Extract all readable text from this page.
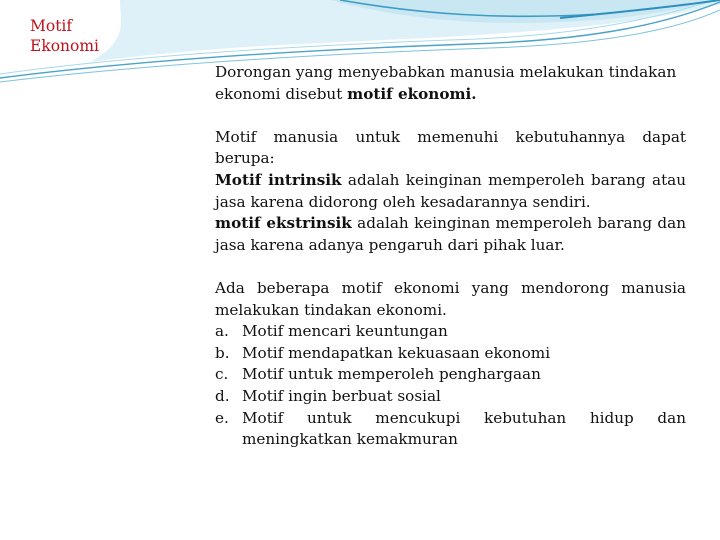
Motif
Ekonomi
Dorongan yang menyebabkan manusia melakukan tindakan
ekonomi disebut motif ekonomi.
Motif manusia untuk memenuhi kebutuhannya dapat
berupa:
Motif intrinsik adalah keinginan memperoleh barang atau
jasa karena didorong oleh kesadarannya sendiri.
motif ekstrinsik adalah keinginan memperoleh barang dan
jasa karena adanya pengaruh dari pihak luar.
Ada beberapa motif ekonomi yang mendorong manusia
melakukan tindakan ekonomi.
a. Motif mencari keuntungan
b. Motif mendapatkan kekuasaan ekonomi
c. Motif untuk memperoleh penghargaan
d. Motif ingin berbuat sosial
e. Motif untuk mencukupi kebutuhan hidup dan
meningkatkan kemakmuran
